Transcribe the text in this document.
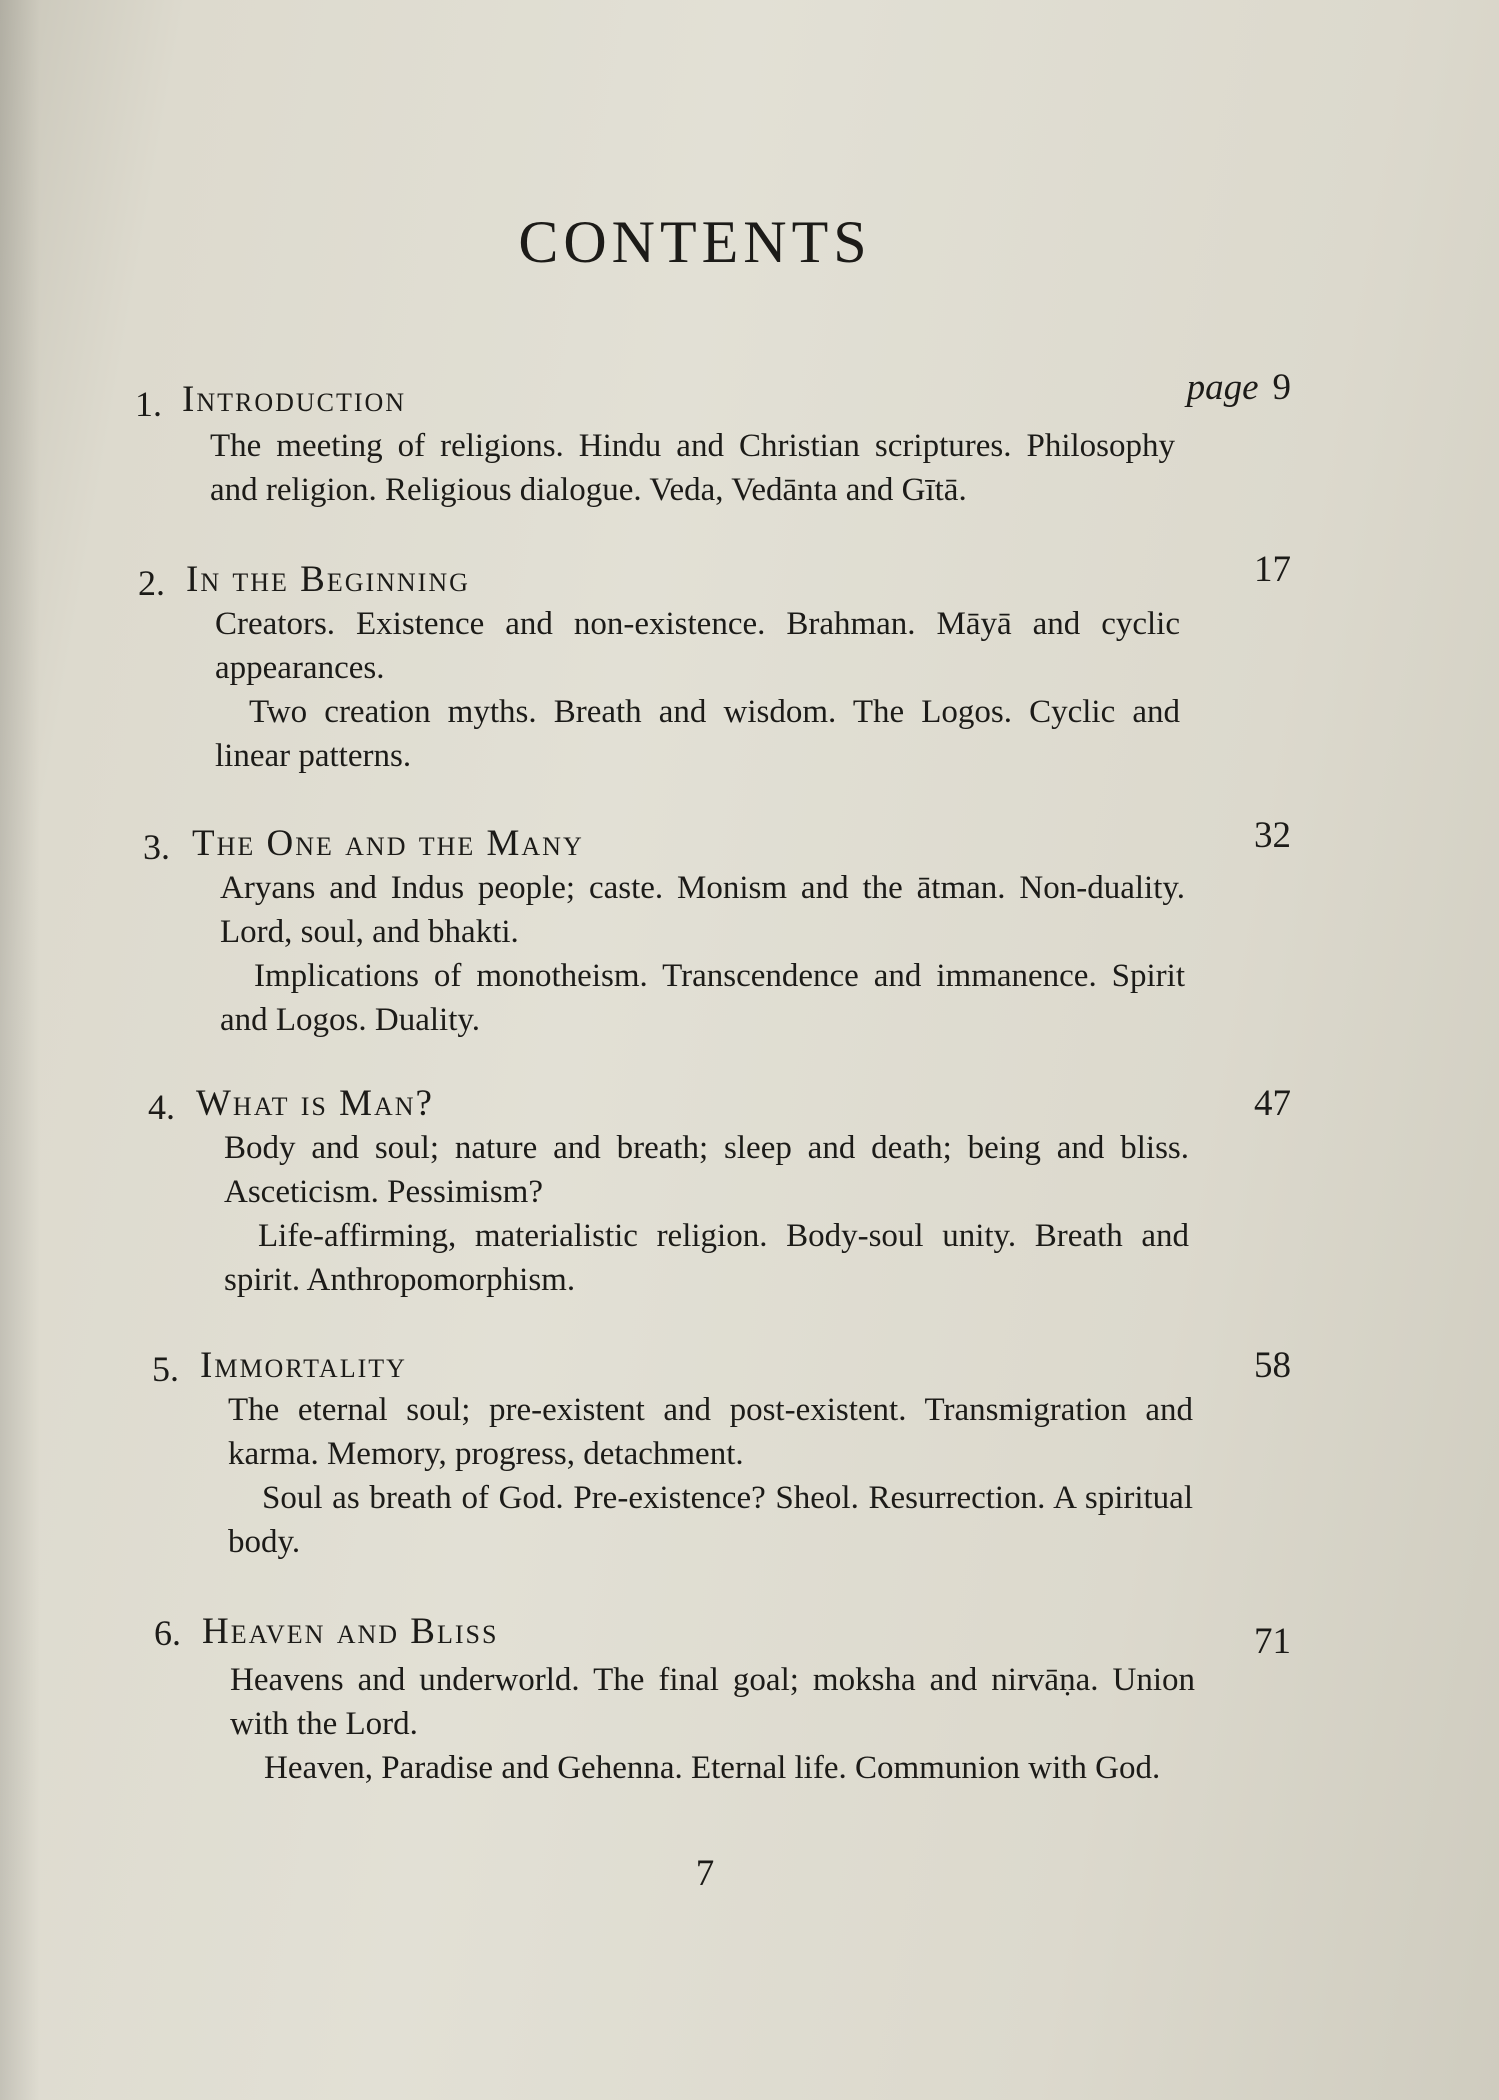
CONTENTS
1. Introduction	page 9

The meeting of religions. Hindu and Christian scriptures. Philosophy and religion. Religious dialogue. Veda, Vedānta and Gītā.

2. In the Beginning	17

Creators. Existence and non-existence. Brahman. Māyā and cyclic appearances.

Two creation myths. Breath and wisdom. The Logos. Cyclic and linear patterns.

3. The One and the Many	32

Aryans and Indus people; caste. Monism and the ātman. Non-duality. Lord, soul, and bhakti.

Implications of monotheism. Transcendence and immanence. Spirit and Logos. Duality.

4. What is Man?	47

Body and soul; nature and breath; sleep and death; being and bliss. Asceticism. Pessimism?

Life-affirming, materialistic religion. Body-soul unity. Breath and spirit. Anthropomorphism.

5. Immortality	58

The eternal soul; pre-existent and post-existent. Transmigration and karma. Memory, progress, detachment.

Soul as breath of God. Pre-existence? Sheol. Resurrection. A spiritual body.

6. Heaven and Bliss	71

Heavens and underworld. The final goal; moksha and nirvāṇa. Union with the Lord.

Heaven, Paradise and Gehenna. Eternal life. Communion with God.

7
